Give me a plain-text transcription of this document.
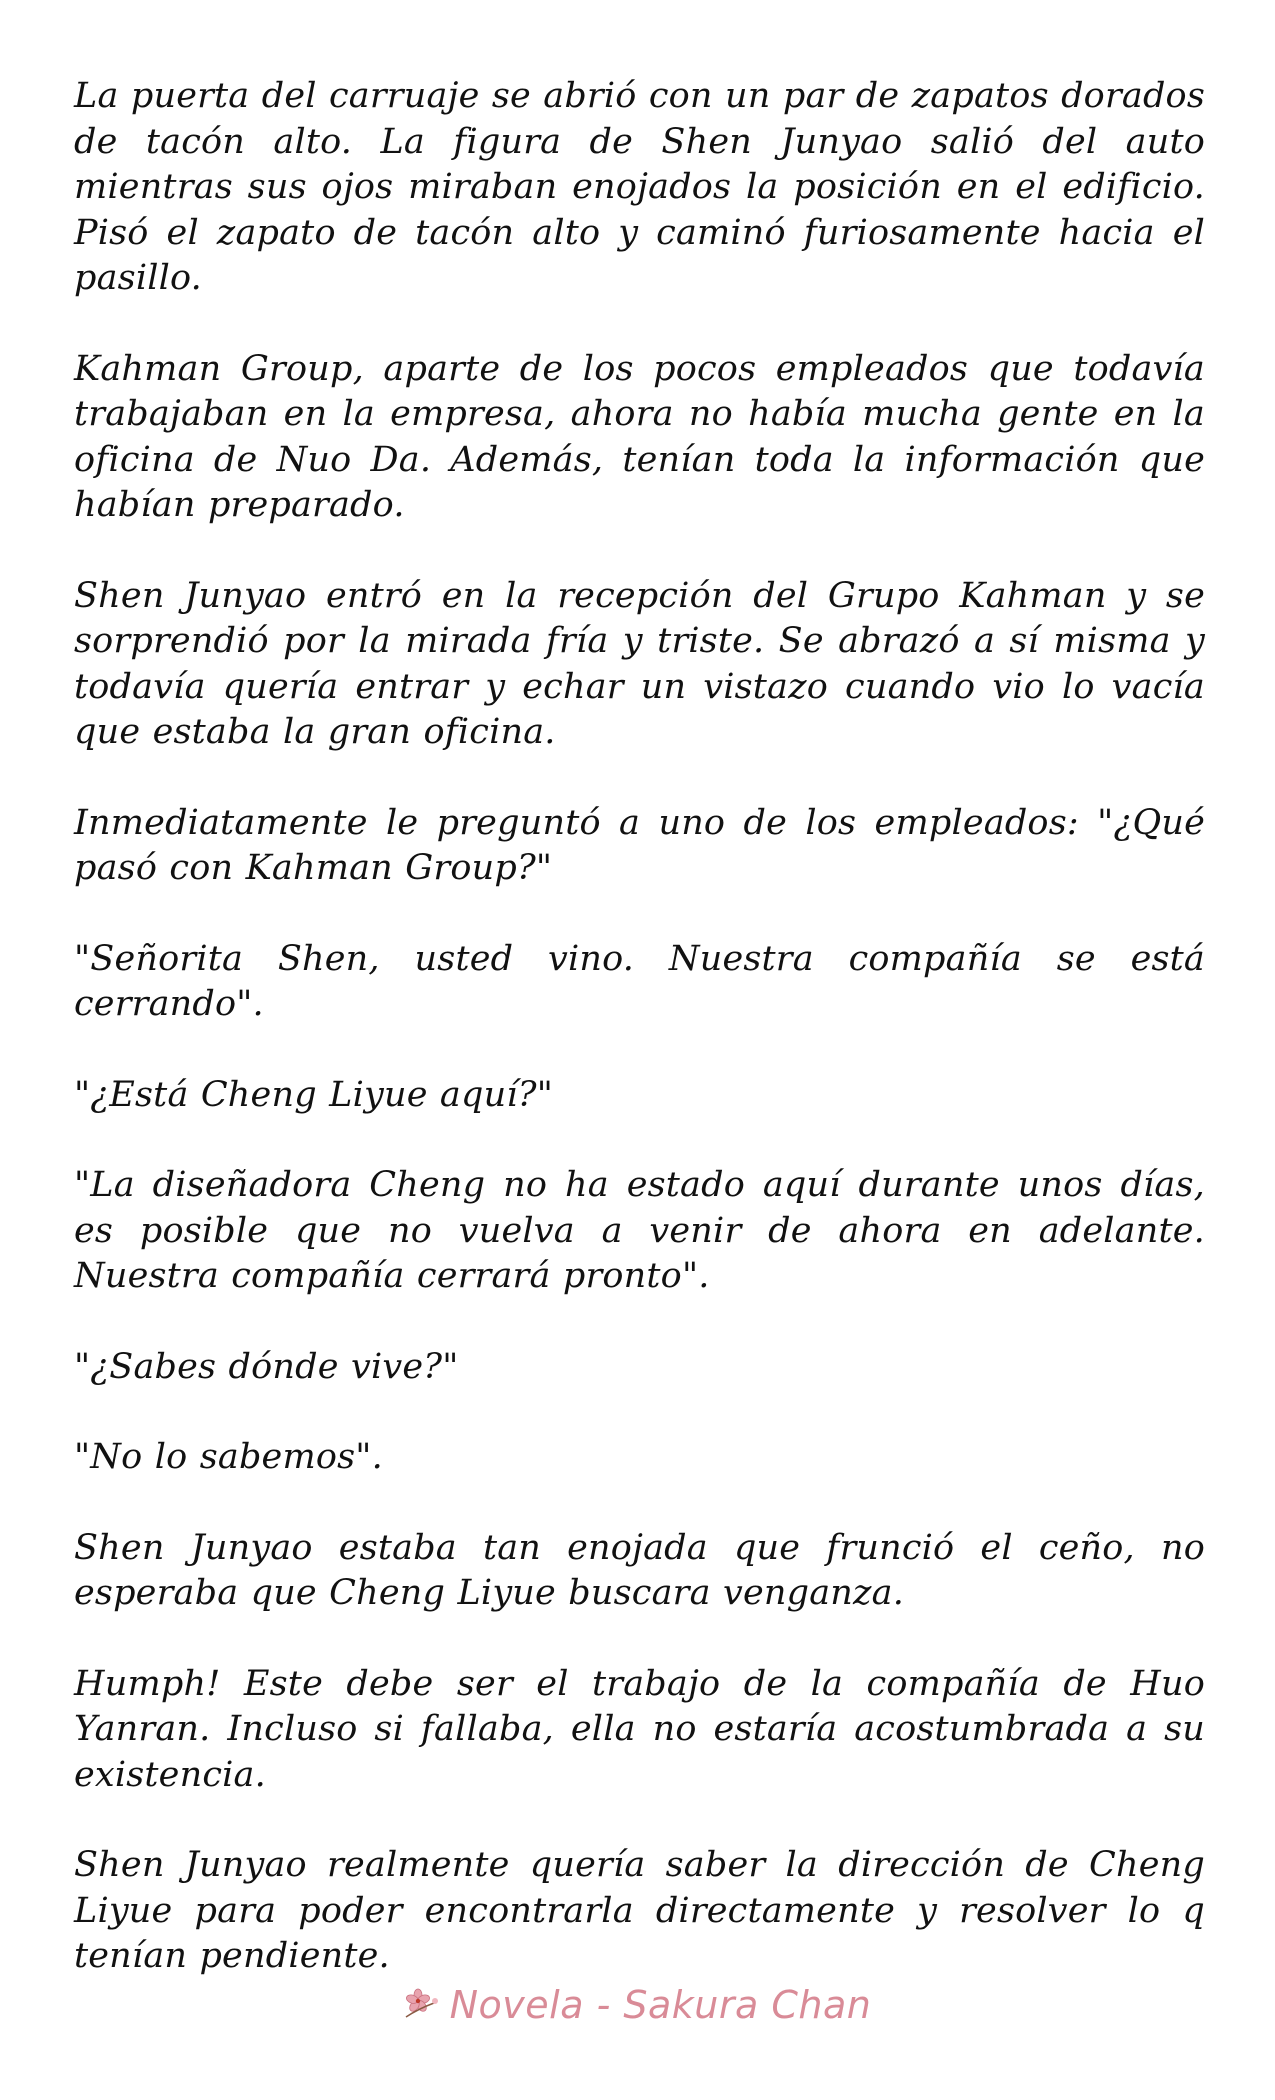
La puerta del carruaje se abrió con un par de zapatos dorados de tacón alto. La figura de Shen Junyao salió del auto mientras sus ojos miraban enojados la posición en el edificio. Pisó el zapato de tacón alto y caminó furiosamente hacia el pasillo.

Kahman Group, aparte de los pocos empleados que todavía trabajaban en la empresa, ahora no había mucha gente en la oficina de Nuo Da. Además, tenían toda la información que habían preparado.

Shen Junyao entró en la recepción del Grupo Kahman y se sorprendió por la mirada fría y triste. Se abrazó a sí misma y todavía quería entrar y echar un vistazo cuando vio lo vacía que estaba la gran oficina.

Inmediatamente le preguntó a uno de los empleados: "¿Qué pasó con Kahman Group?"

"Señorita Shen, usted vino. Nuestra compañía se está cerrando".

"¿Está Cheng Liyue aquí?"

"La diseñadora Cheng no ha estado aquí durante unos días, es posible que no vuelva a venir de ahora en adelante. Nuestra compañía cerrará pronto".

"¿Sabes dónde vive?"

"No lo sabemos".

Shen Junyao estaba tan enojada que frunció el ceño, no esperaba que Cheng Liyue buscara venganza.

Humph! Este debe ser el trabajo de la compañía de Huo Yanran. Incluso si fallaba, ella no estaría acostumbrada a su existencia.

Shen Junyao realmente quería saber la dirección de Cheng Liyue para poder encontrarla directamente y resolver lo q tenían pendiente.

Novela - Sakura Chan
